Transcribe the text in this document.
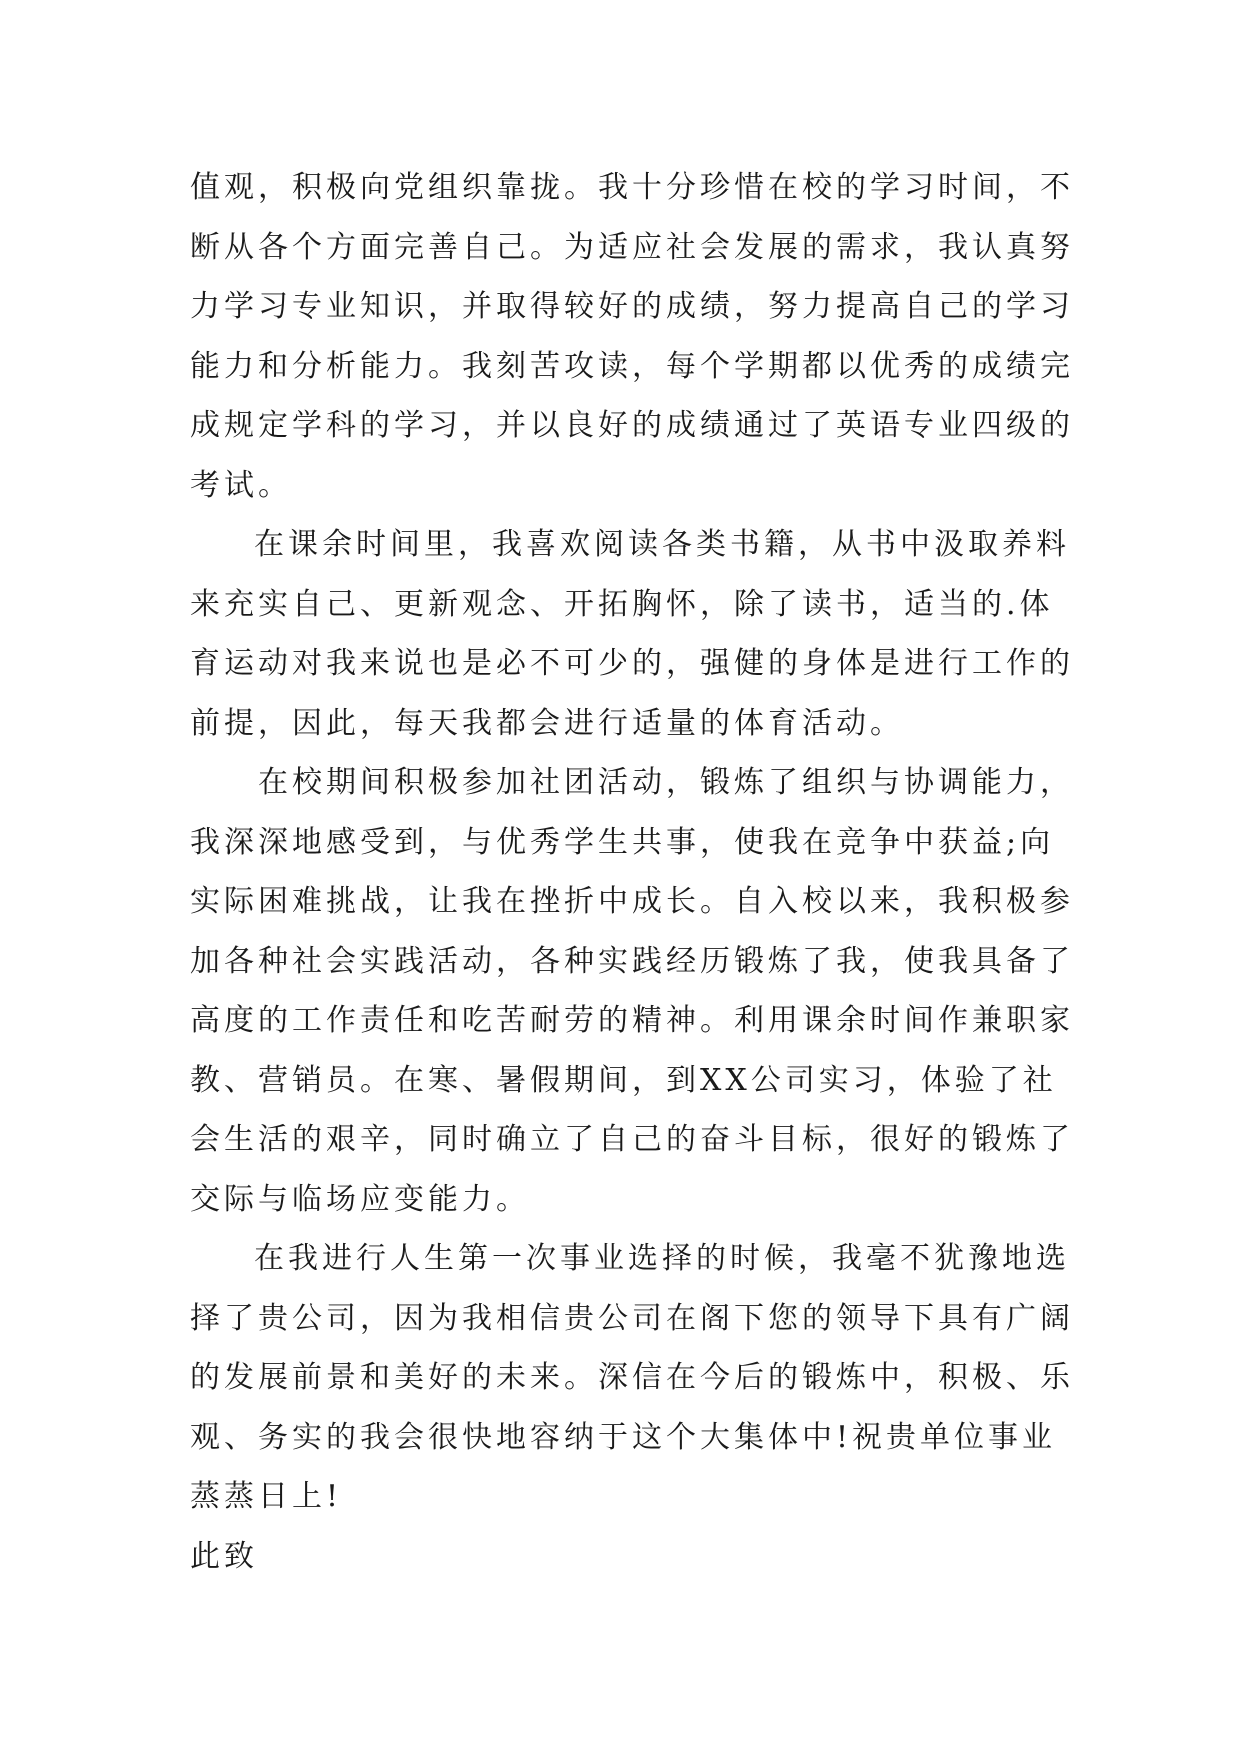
值观，积极向党组织靠拢。我十分珍惜在校的学习时间，不
断从各个方面完善自己。为适应社会发展的需求，我认真努
力学习专业知识，并取得较好的成绩，努力提高自己的学习
能力和分析能力。我刻苦攻读，每个学期都以优秀的成绩完
成规定学科的学习，并以良好的成绩通过了英语专业四级的
考试。
在课余时间里，我喜欢阅读各类书籍，从书中汲取养料
来充实自己、更新观念、开拓胸怀，除了读书，适当的.体
育运动对我来说也是必不可少的，强健的身体是进行工作的
前提，因此，每天我都会进行适量的体育活动。
在校期间积极参加社团活动，锻炼了组织与协调能力，
我深深地感受到，与优秀学生共事，使我在竞争中获益;向
实际困难挑战，让我在挫折中成长。自入校以来，我积极参
加各种社会实践活动，各种实践经历锻炼了我，使我具备了
高度的工作责任和吃苦耐劳的精神。利用课余时间作兼职家
教、营销员。在寒、暑假期间，到XX公司实习，体验了社
会生活的艰辛，同时确立了自己的奋斗目标，很好的锻炼了
交际与临场应变能力。
在我进行人生第一次事业选择的时候，我毫不犹豫地选
择了贵公司，因为我相信贵公司在阁下您的领导下具有广阔
的发展前景和美好的未来。深信在今后的锻炼中，积极、乐
观、务实的我会很快地容纳于这个大集体中!祝贵单位事业
蒸蒸日上!
此致
